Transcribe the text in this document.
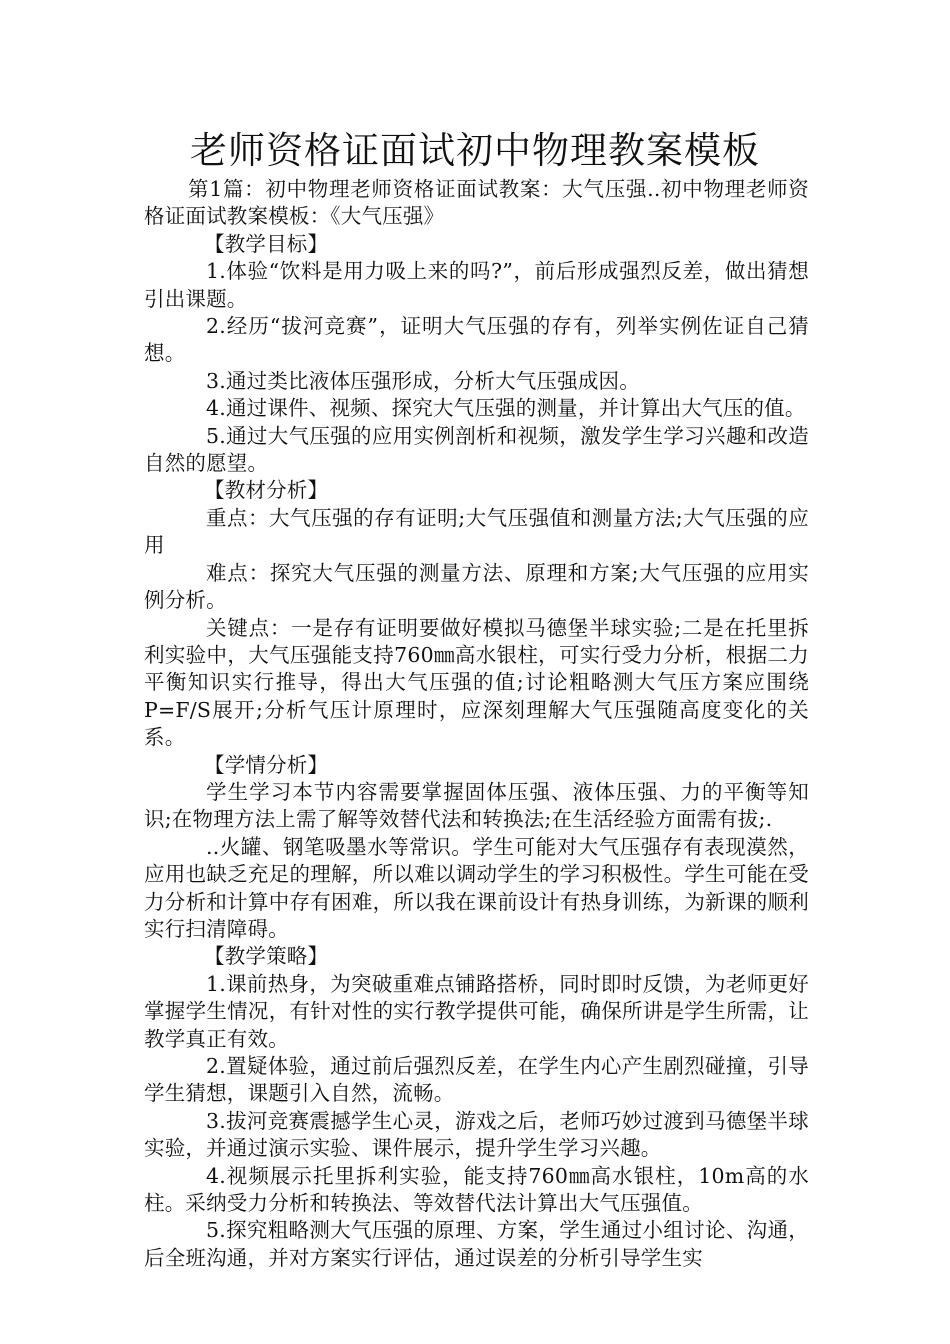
老师资格证面试初中物理教案模板

第1篇：初中物理老师资格证面试教案：大气压强..初中物理老师资格证面试教案模板：《大气压强》

【教学目标】

1.体验“饮料是用力吸上来的吗?”，前后形成强烈反差，做出猜想引出课题。

2.经历“拔河竞赛”，证明大气压强的存有，列举实例佐证自己猜想。

3.通过类比液体压强形成，分析大气压强成因。

4.通过课件、视频、探究大气压强的测量，并计算出大气压的值。

5.通过大气压强的应用实例剖析和视频，激发学生学习兴趣和改造自然的愿望。

【教材分析】

重点：大气压强的存有证明;大气压强值和测量方法;大气压强的应用

难点：探究大气压强的测量方法、原理和方案;大气压强的应用实例分析。

关键点：一是存有证明要做好模拟马德堡半球实验;二是在托里拆利实验中，大气压强能支持760㎜高水银柱，可实行受力分析，根据二力平衡知识实行推导，得出大气压强的值;讨论粗略测大气压方案应围绕P=F/S展开;分析气压计原理时，应深刻理解大气压强随高度变化的关系。

【学情分析】

学生学习本节内容需要掌握固体压强、液体压强、力的平衡等知识;在物理方法上需了解等效替代法和转换法;在生活经验方面需有拔;.

..火罐、钢笔吸墨水等常识。学生可能对大气压强存有表现漠然，应用也缺乏充足的理解，所以难以调动学生的学习积极性。学生可能在受力分析和计算中存有困难，所以我在课前设计有热身训练，为新课的顺利实行扫清障碍。

【教学策略】

1.课前热身，为突破重难点铺路搭桥，同时即时反馈，为老师更好掌握学生情况，有针对性的实行教学提供可能，确保所讲是学生所需，让教学真正有效。

2.置疑体验，通过前后强烈反差，在学生内心产生剧烈碰撞，引导学生猜想，课题引入自然，流畅。

3.拔河竞赛震撼学生心灵，游戏之后，老师巧妙过渡到马德堡半球实验，并通过演示实验、课件展示，提升学生学习兴趣。

4.视频展示托里拆利实验，能支持760㎜高水银柱，10m高的水柱。采纳受力分析和转换法、等效替代法计算出大气压强值。

5.探究粗略测大气压强的原理、方案，学生通过小组讨论、沟通，后全班沟通，并对方案实行评估，通过误差的分析引导学生实
